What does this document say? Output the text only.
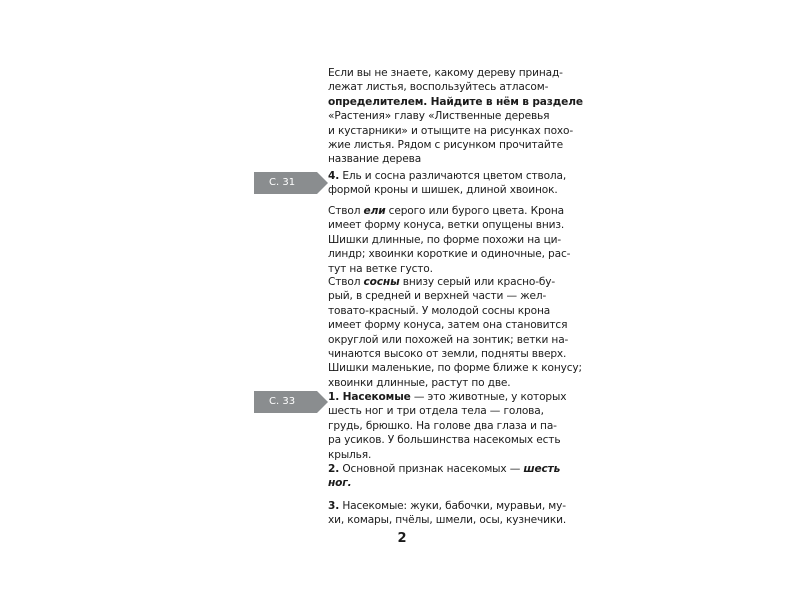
Если вы не знаете, какому дереву принад-
лежат листья, воспользуйтесь атласом-
определителем. Найдите в нём в разделе
«Растения» главу «Лиственные деревья
и кустарники» и отыщите на рисунках похо-
жие листья. Рядом с рисунком прочитайте
название дерева
С. 31
4. Ель и сосна различаются цветом ствола,
формой кроны и шишек, длиной хвоинок.
Ствол ели серого или бурого цвета. Крона
имеет форму конуса, ветки опущены вниз.
Шишки длинные, по форме похожи на ци-
линдр; хвоинки короткие и одиночные, рас-
тут на ветке густо.
Ствол сосны внизу серый или красно-бу-
рый, в средней и верхней части — жел-
товато-красный. У молодой сосны крона
имеет форму конуса, затем она становится
округлой или похожей на зонтик; ветки на-
чинаются высоко от земли, подняты вверх.
Шишки маленькие, по форме ближе к конусу;
хвоинки длинные, растут по две.
С. 33	1. Насекомые — это животные, у которых
шесть ног и три отдела тела — голова,
грудь, брюшко. На голове два глаза и па-
ра усиков. У большинства насекомых есть
крылья.
2. Основной признак насекомых — шесть
ног.
3. Насекомые: жуки, бабочки, муравьи, му-
хи, комары, пчёлы, шмели, осы, кузнечики.
2
